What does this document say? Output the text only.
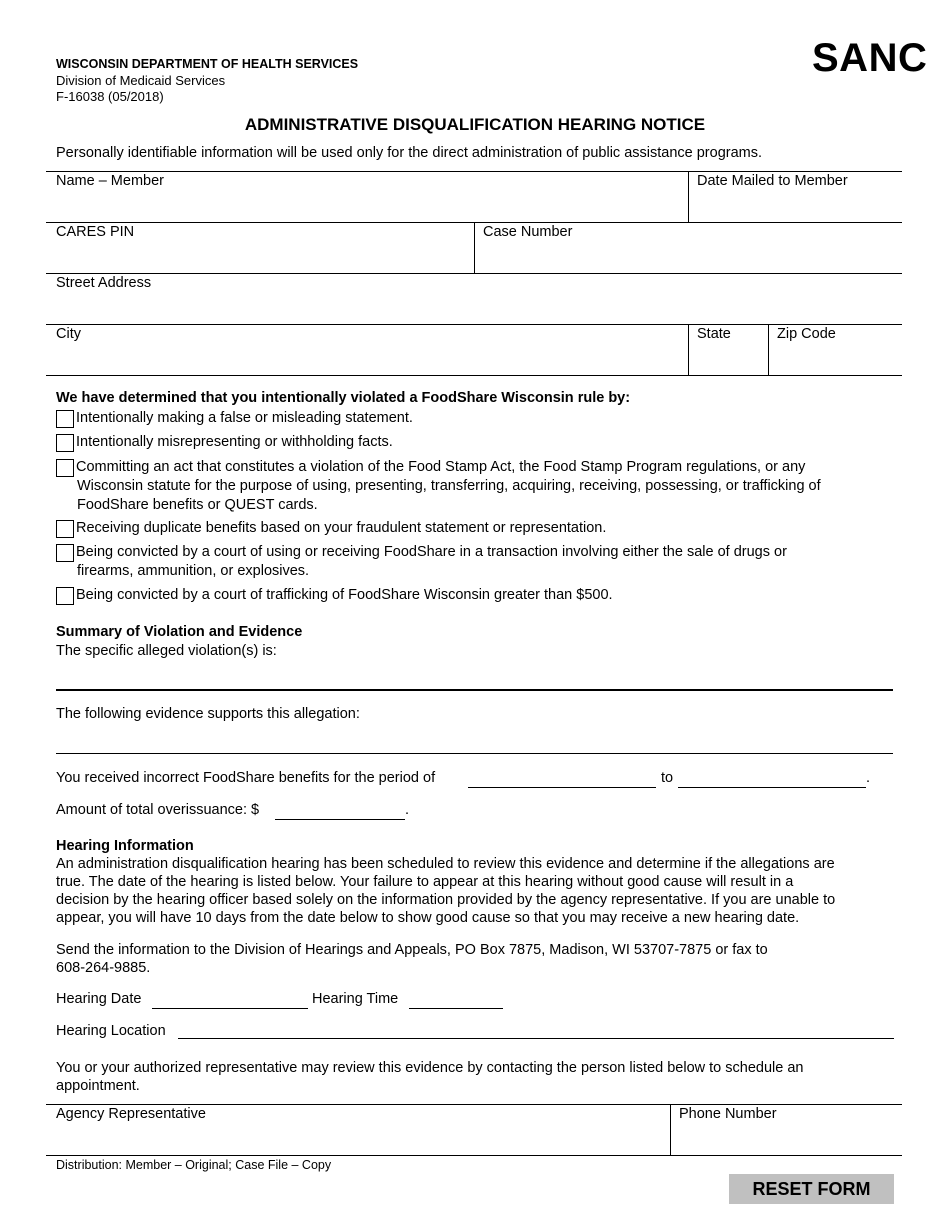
WISCONSIN DEPARTMENT OF HEALTH SERVICES
Division of Medicaid Services
F-16038 (05/2018)
SANC
ADMINISTRATIVE DISQUALIFICATION HEARING NOTICE
Personally identifiable information will be used only for the direct administration of public assistance programs.
Name – Member	Date Mailed to Member
CARES PIN	Case Number
Street Address
City	State	Zip Code
We have determined that you intentionally violated a FoodShare Wisconsin rule by:
Intentionally making a false or misleading statement.
Intentionally misrepresenting or withholding facts.
Committing an act that constitutes a violation of the Food Stamp Act, the Food Stamp Program regulations, or any
Wisconsin statute for the purpose of using, presenting, transferring, acquiring, receiving, possessing, or trafficking of
FoodShare benefits or QUEST cards.
Receiving duplicate benefits based on your fraudulent statement or representation.
Being convicted by a court of using or receiving FoodShare in a transaction involving either the sale of drugs or
firearms, ammunition, or explosives.
Being convicted by a court of trafficking of FoodShare Wisconsin greater than $500.
Summary of Violation and Evidence
The specific alleged violation(s) is:
The following evidence supports this allegation:
You received incorrect FoodShare benefits for the period of	to	.
Amount of total overissuance: $	.
Hearing Information
An administration disqualification hearing has been scheduled to review this evidence and determine if the allegations are
true. The date of the hearing is listed below. Your failure to appear at this hearing without good cause will result in a
decision by the hearing officer based solely on the information provided by the agency representative. If you are unable to
appear, you will have 10 days from the date below to show good cause so that you may receive a new hearing date.
Send the information to the Division of Hearings and Appeals, PO Box 7875, Madison, WI 53707-7875 or fax to
608-264-9885.
Hearing Date	Hearing Time
Hearing Location
You or your authorized representative may review this evidence by contacting the person listed below to schedule an
appointment.
Agency Representative	Phone Number
Distribution: Member – Original; Case File – Copy
RESET FORM
